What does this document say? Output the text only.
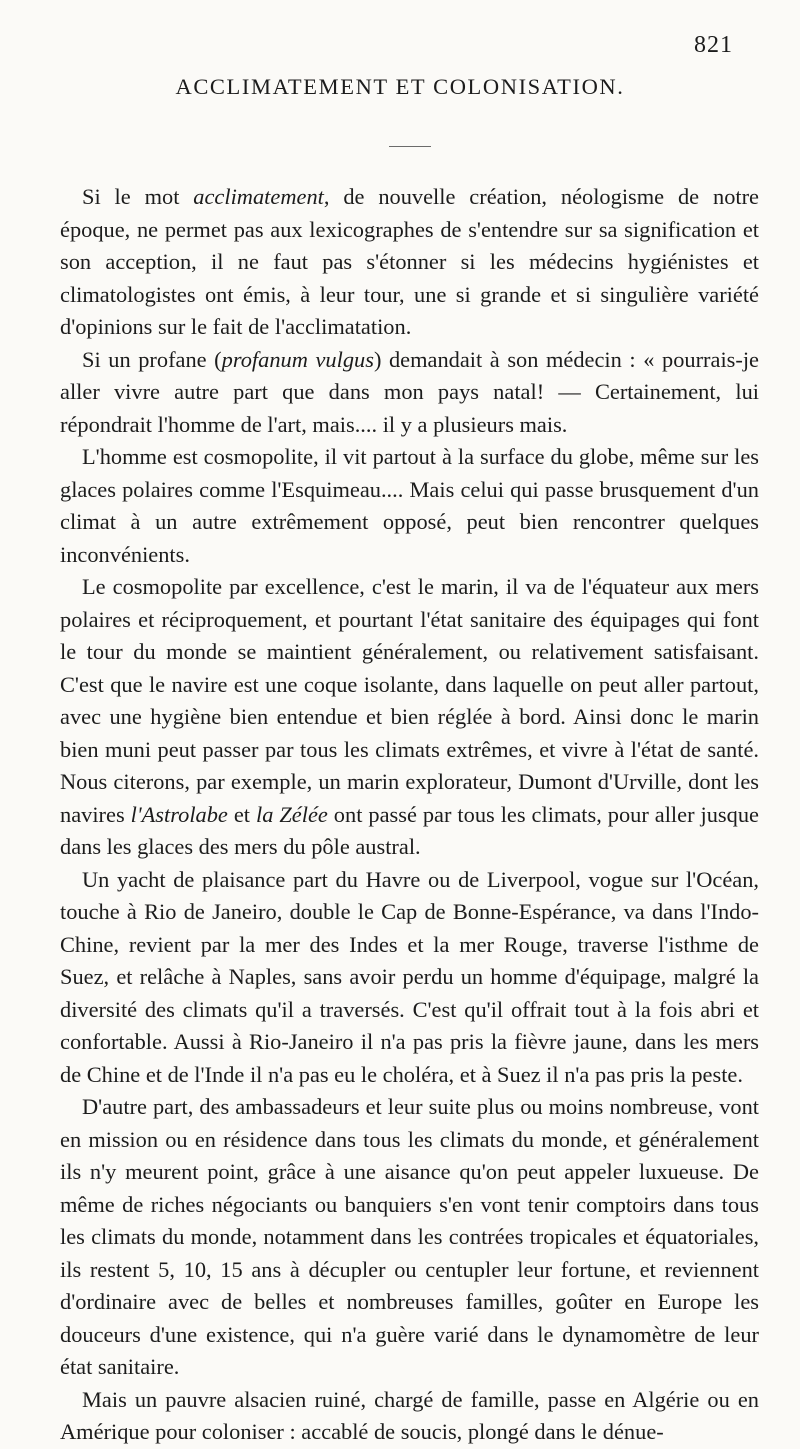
821
ACCLIMATEMENT ET COLONISATION.

Si le mot acclimatement, de nouvelle création, néologisme de notre époque, ne permet pas aux lexicographes de s'entendre sur sa signification et son acception, il ne faut pas s'étonner si les médecins hygiénistes et climatologistes ont émis, à leur tour, une si grande et si singulière variété d'opinions sur le fait de l'acclimatation.

Si un profane (profanum vulgus) demandait à son médecin : « pourrais-je aller vivre autre part que dans mon pays natal! — Certainement, lui répondrait l'homme de l'art, mais.... il y a plusieurs mais.

L'homme est cosmopolite, il vit partout à la surface du globe, même sur les glaces polaires comme l'Esquimeau.... Mais celui qui passe brusquement d'un climat à un autre extrêmement opposé, peut bien rencontrer quelques inconvénients.

Le cosmopolite par excellence, c'est le marin, il va de l'équateur aux mers polaires et réciproquement, et pourtant l'état sanitaire des équipages qui font le tour du monde se maintient généralement, ou relativement satisfaisant. C'est que le navire est une coque isolante, dans laquelle on peut aller partout, avec une hygiène bien entendue et bien réglée à bord. Ainsi donc le marin bien muni peut passer par tous les climats extrêmes, et vivre à l'état de santé. Nous citerons, par exemple, un marin explorateur, Dumont d'Urville, dont les navires l'Astrolabe et la Zélée ont passé par tous les climats, pour aller jusque dans les glaces des mers du pôle austral.

Un yacht de plaisance part du Havre ou de Liverpool, vogue sur l'Océan, touche à Rio de Janeiro, double le Cap de Bonne-Espérance, va dans l'Indo-Chine, revient par la mer des Indes et la mer Rouge, traverse l'isthme de Suez, et relâche à Naples, sans avoir perdu un homme d'équipage, malgré la diversité des climats qu'il a traversés. C'est qu'il offrait tout à la fois abri et confortable. Aussi à Rio-Janeiro il n'a pas pris la fièvre jaune, dans les mers de Chine et de l'Inde il n'a pas eu le choléra, et à Suez il n'a pas pris la peste.

D'autre part, des ambassadeurs et leur suite plus ou moins nombreuse, vont en mission ou en résidence dans tous les climats du monde, et généralement ils n'y meurent point, grâce à une aisance qu'on peut appeler luxueuse. De même de riches négociants ou banquiers s'en vont tenir comptoirs dans tous les climats du monde, notamment dans les contrées tropicales et équatoriales, ils restent 5, 10, 15 ans à décupler ou centupler leur fortune, et reviennent d'ordinaire avec de belles et nombreuses familles, goûter en Europe les douceurs d'une existence, qui n'a guère varié dans le dynamomètre de leur état sanitaire.

Mais un pauvre alsacien ruiné, chargé de famille, passe en Algérie ou en Amérique pour coloniser : accablé de soucis, plongé dans le dénue-
